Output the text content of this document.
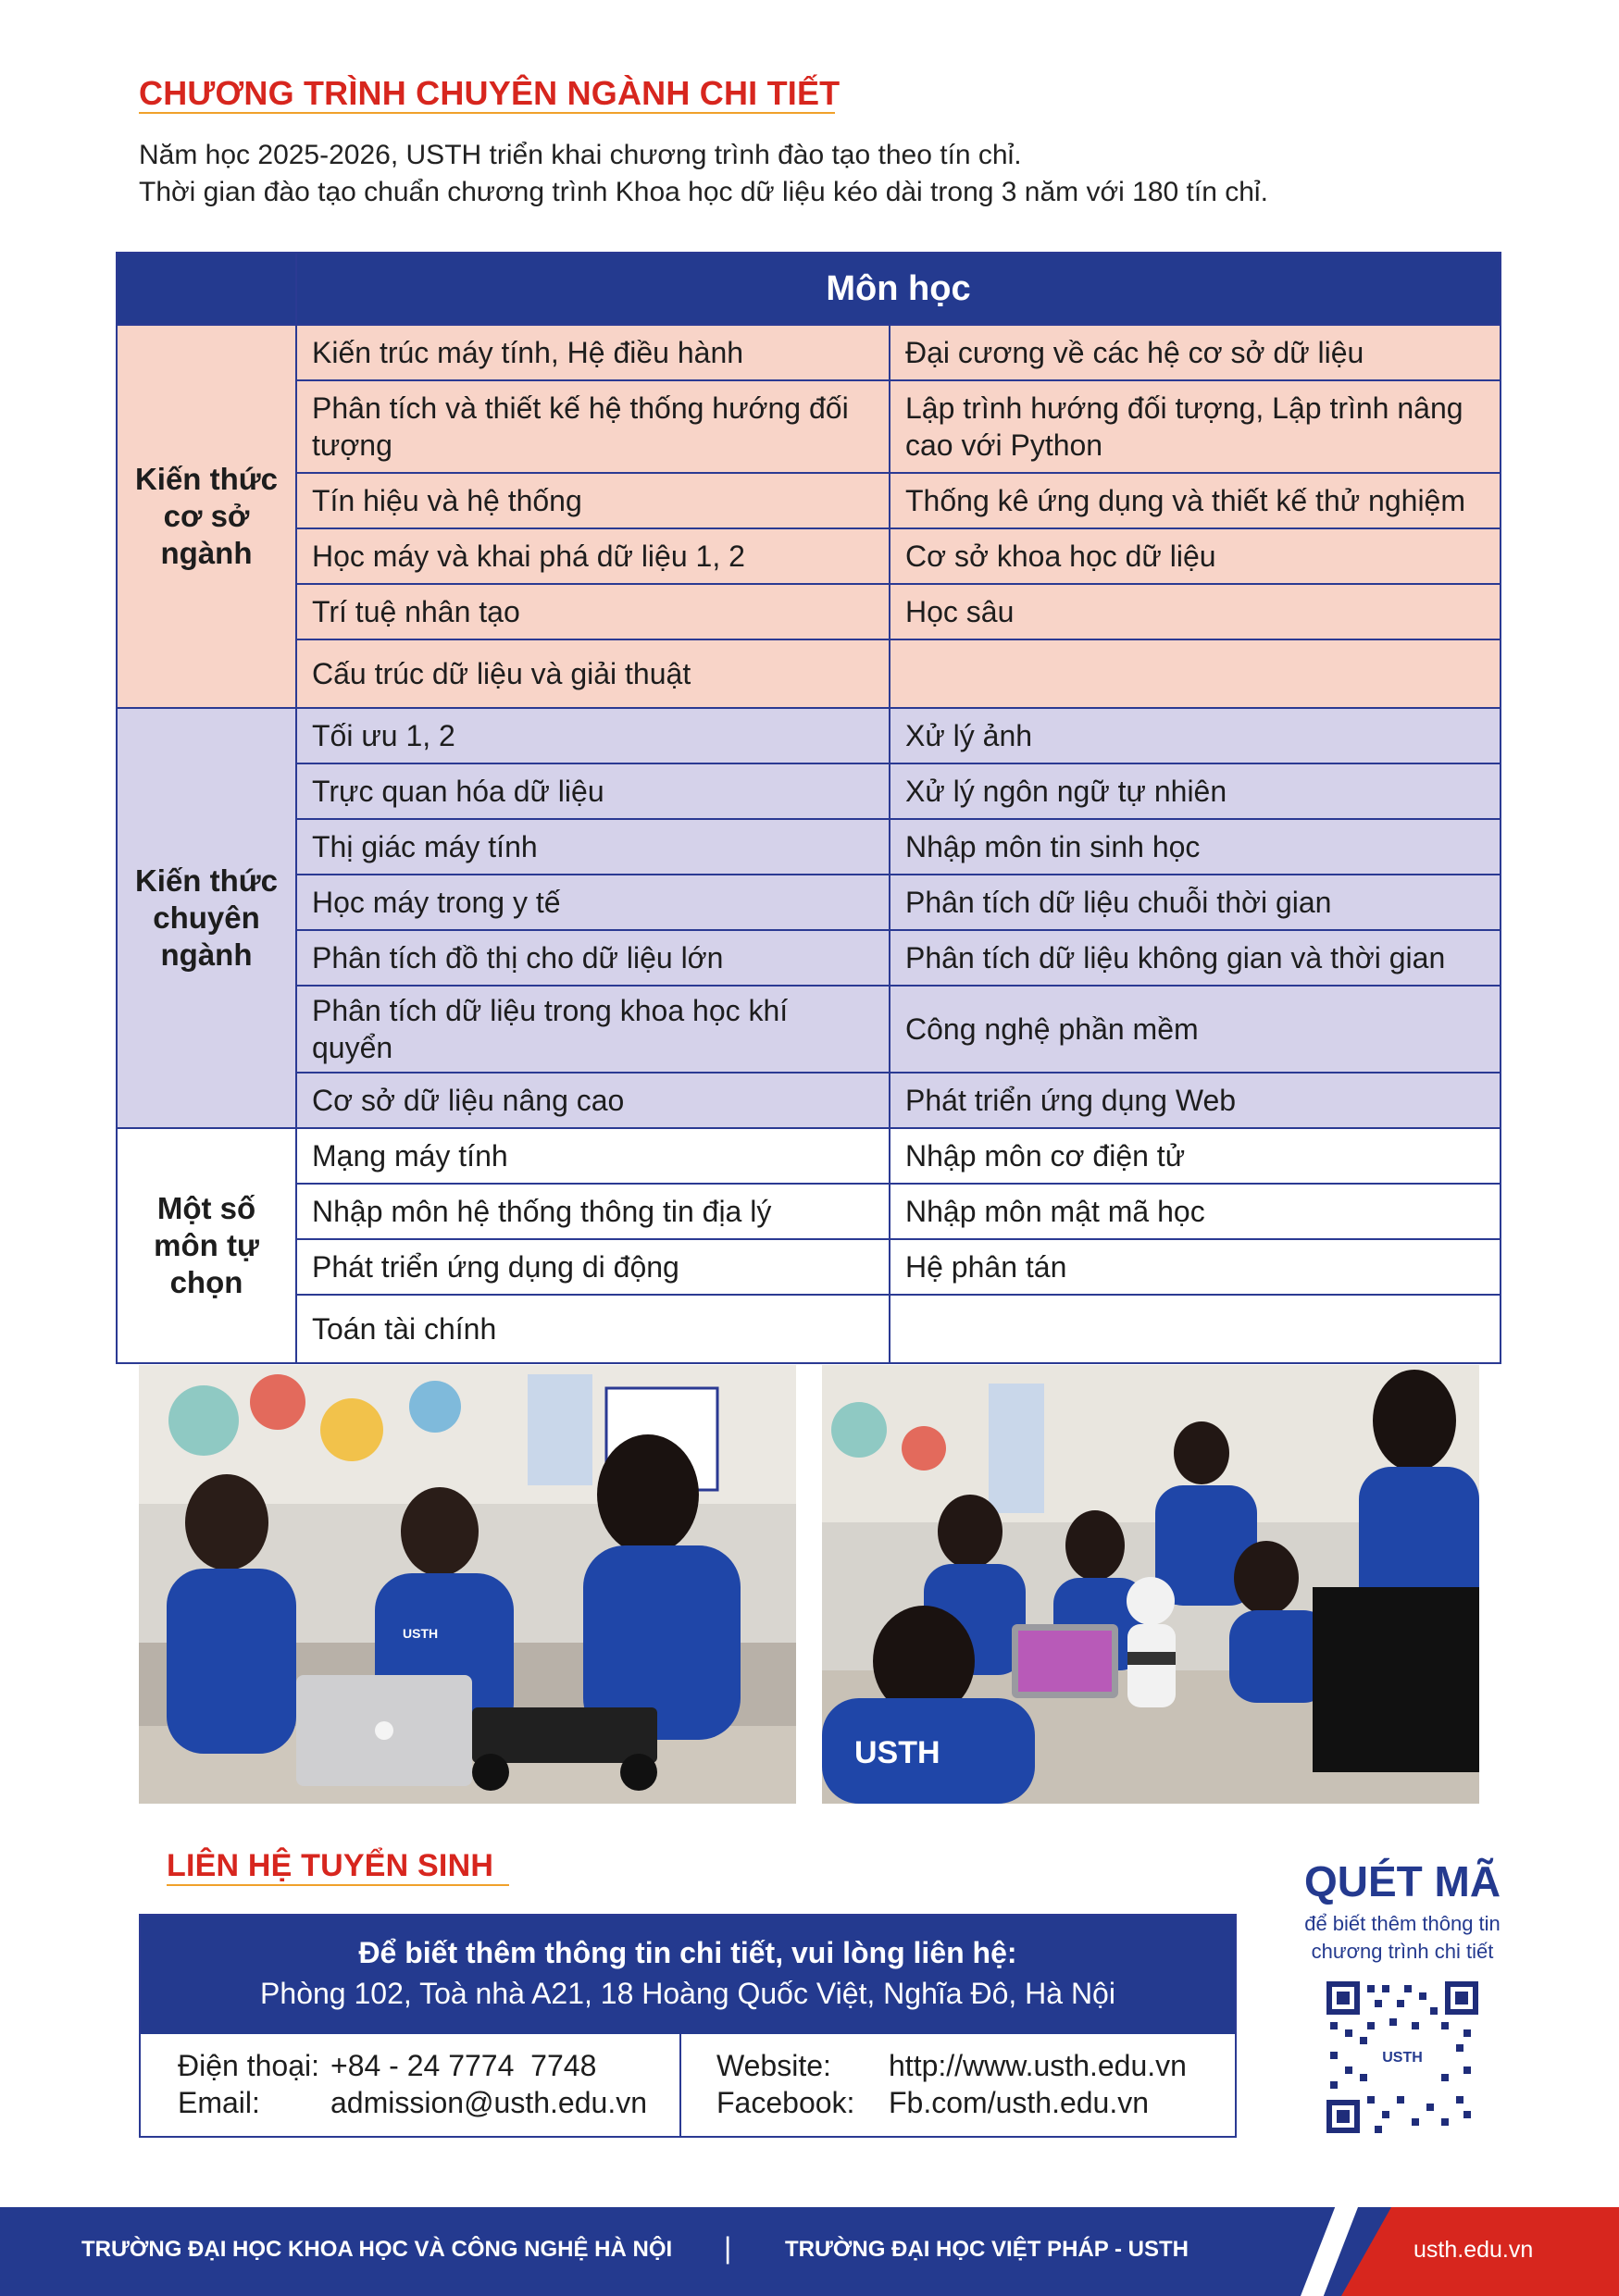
CHƯƠNG TRÌNH CHUYÊN NGÀNH CHI TIẾT
Năm học 2025-2026, USTH triển khai chương trình đào tạo theo tín chỉ.
Thời gian đào tạo chuẩn chương trình Khoa học dữ liệu kéo dài trong 3 năm với 180 tín chỉ.
	Môn học	
Kiến thức cơ sở ngành	Kiến trúc máy tính, Hệ điều hành	Đại cương về các hệ cơ sở dữ liệu
	Phân tích và thiết kế hệ thống hướng đối tượng	Lập trình hướng đối tượng, Lập trình nâng cao với Python
	Tín hiệu và hệ thống	Thống kê ứng dụng và thiết kế thử nghiệm
	Học máy và khai phá dữ liệu 1, 2	Cơ sở khoa học dữ liệu
	Trí tuệ nhân tạo	Học sâu
	Cấu trúc dữ liệu và giải thuật	
Kiến thức chuyên ngành	Tối ưu 1, 2	Xử lý ảnh
	Trực quan hóa dữ liệu	Xử lý ngôn ngữ tự nhiên
	Thị giác máy tính	Nhập môn tin sinh học
	Học máy trong y tế	Phân tích dữ liệu chuỗi thời gian
	Phân tích đồ thị cho dữ liệu lớn	Phân tích dữ liệu không gian và thời gian
	Phân tích dữ liệu trong khoa học khí quyển	Công nghệ phần mềm
	Cơ sở dữ liệu nâng cao	Phát triển ứng dụng Web
Một số môn tự chọn	Mạng máy tính	Nhập môn cơ điện tử
	Nhập môn hệ thống thông tin địa lý	Nhập môn mật mã học
	Phát triển ứng dụng di động	Hệ phân tán
	Toán tài chính	
USTH
USTH
LIÊN HỆ TUYỂN SINH
Để biết thêm thông tin chi tiết, vui lòng liên hệ:
Phòng 102, Toà nhà A21, 18 Hoàng Quốc Việt, Nghĩa Đô, Hà Nội
Điện thoại: +84 - 24 7774  7748
Email: admission@usth.edu.vn
Website: http://www.usth.edu.vn
Facebook: Fb.com/usth.edu.vn
QUÉT MÃ
để biết thêm thông tin
chương trình chi tiết
USTH
TRƯỜNG ĐẠI HỌC KHOA HỌC VÀ CÔNG NGHỆ HÀ NỘI | TRƯỜNG ĐẠI HỌC VIỆT PHÁP - USTH	usth.edu.vn
